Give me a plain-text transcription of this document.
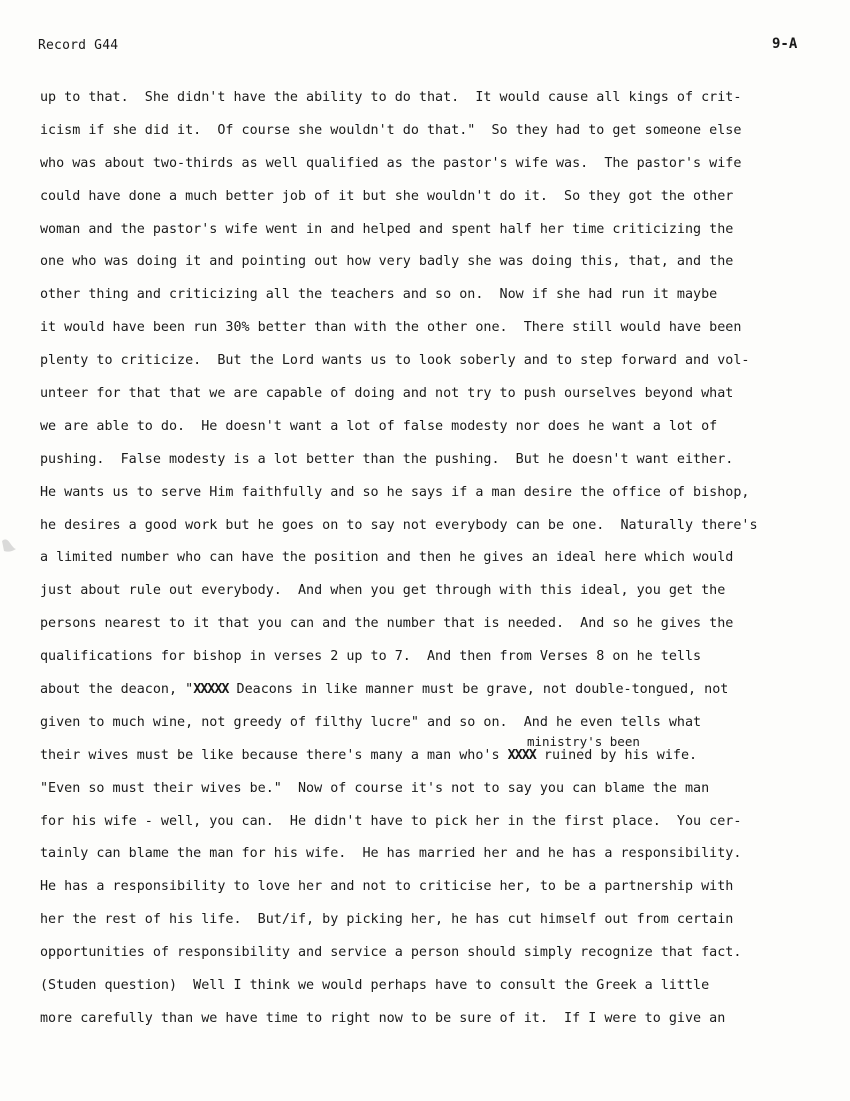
Record G44	9-A
up to that.  She didn't have the ability to do that.  It would cause all kings of crit-
icism if she did it.  Of course she wouldn't do that."  So they had to get someone else
who was about two-thirds as well qualified as the pastor's wife was.  The pastor's wife
could have done a much better job of it but she wouldn't do it.  So they got the other
woman and the pastor's wife went in and helped and spent half her time criticizing the
one who was doing it and pointing out how very badly she was doing this, that, and the
other thing and criticizing all the teachers and so on.  Now if she had run it maybe
it would have been run 30% better than with the other one.  There still would have been
plenty to criticize.  But the Lord wants us to look soberly and to step forward and vol-
unteer for that that we are capable of doing and not try to push ourselves beyond what
we are able to do.  He doesn't want a lot of false modesty nor does he want a lot of
pushing.  False modesty is a lot better than the pushing.  But he doesn't want either.
He wants us to serve Him faithfully and so he says if a man desire the office of bishop,
he desires a good work but he goes on to say not everybody can be one.  Naturally there's
a limited number who can have the position and then he gives an ideal here which would
just about rule out everybody.  And when you get through with this ideal, you get the
persons nearest to it that you can and the number that is needed.  And so he gives the
qualifications for bishop in verses 2 up to 7.  And then from Verses 8 on he tells
about the deacon, "XXXXX Deacons in like manner must be grave, not double-tongued, not
given to much wine, not greedy of filthy lucre" and so on.  And he even tells what
ministry's been
their wives must be like because there's many a man who's XXXX ruined by his wife.
"Even so must their wives be."  Now of course it's not to say you can blame the man
for his wife - well, you can.  He didn't have to pick her in the first place.  You cer-
tainly can blame the man for his wife.  He has married her and he has a responsibility.
He has a responsibility to love her and not to criticise her, to be a partnership with
her the rest of his life.  But/if, by picking her, he has cut himself out from certain
opportunities of responsibility and service a person should simply recognize that fact.
(Studen question)  Well I think we would perhaps have to consult the Greek a little
more carefully than we have time to right now to be sure of it.  If I were to give an
